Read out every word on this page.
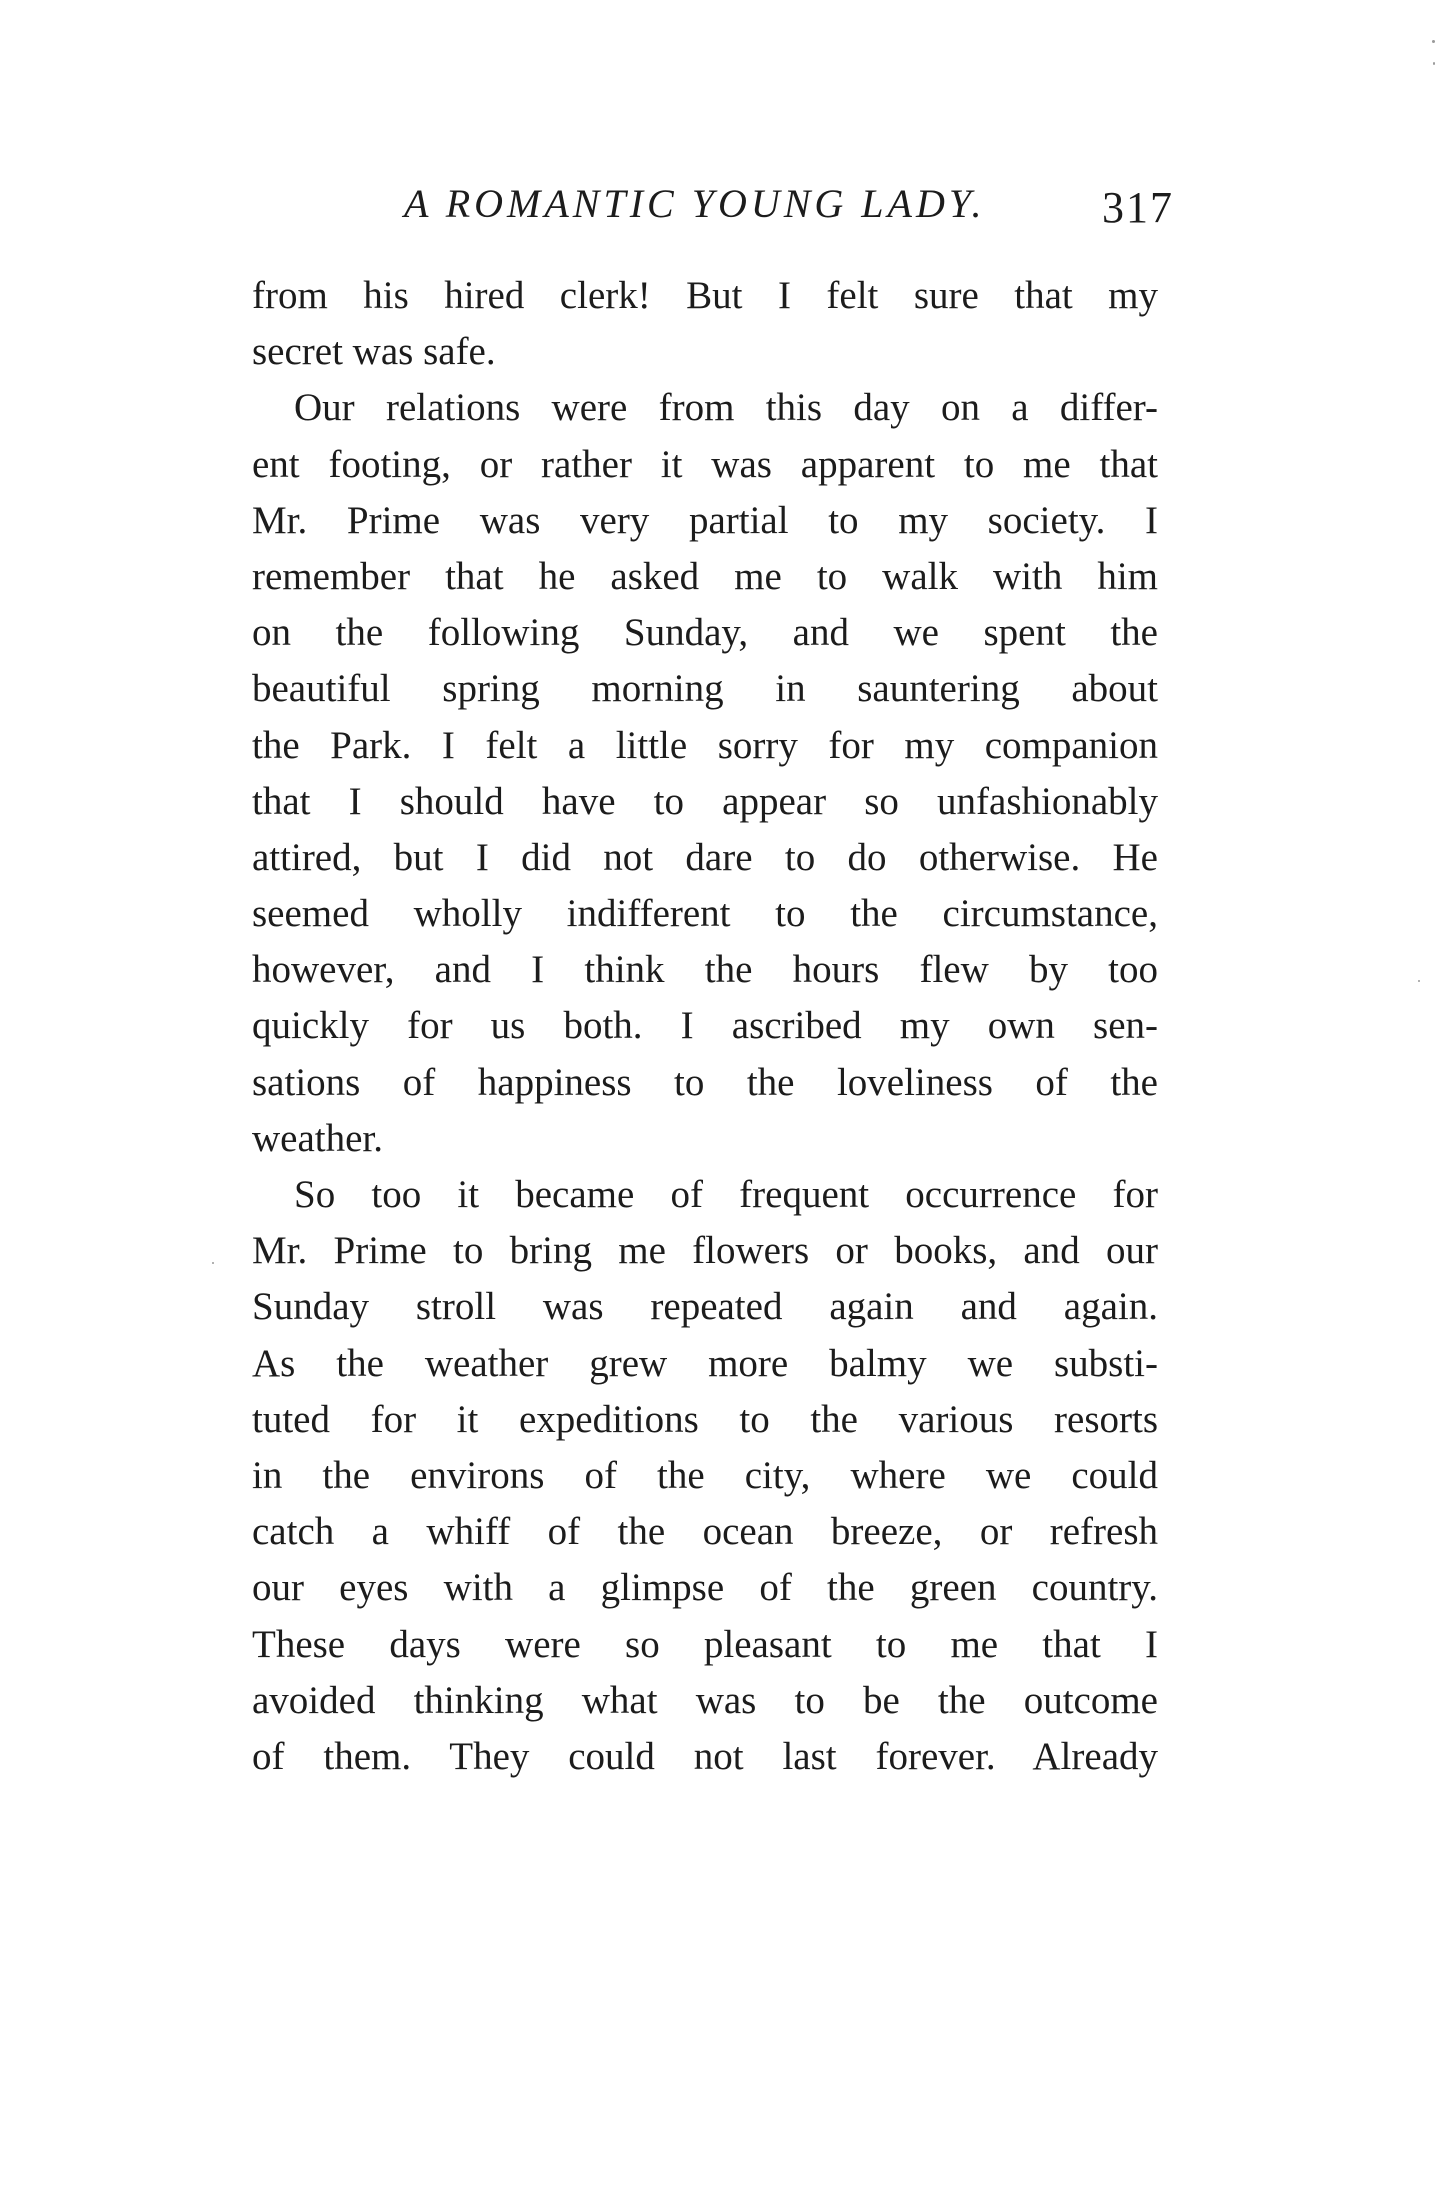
A ROMANTIC YOUNG LADY.	317
from his hired clerk! But I felt sure that my
secret was safe.
Our relations were from this day on a differ-
ent footing, or rather it was apparent to me that
Mr. Prime was very partial to my society. I
remember that he asked me to walk with him
on the following Sunday, and we spent the
beautiful spring morning in sauntering about
the Park. I felt a little sorry for my companion
that I should have to appear so unfashionably
attired, but I did not dare to do otherwise. He
seemed wholly indifferent to the circumstance,
however, and I think the hours flew by too
quickly for us both. I ascribed my own sen-
sations of happiness to the loveliness of the
weather.
So too it became of frequent occurrence for
Mr. Prime to bring me flowers or books, and our
Sunday stroll was repeated again and again.
As the weather grew more balmy we substi-
tuted for it expeditions to the various resorts
in the environs of the city, where we could
catch a whiff of the ocean breeze, or refresh
our eyes with a glimpse of the green country.
These days were so pleasant to me that I
avoided thinking what was to be the outcome
of them. They could not last forever. Already
